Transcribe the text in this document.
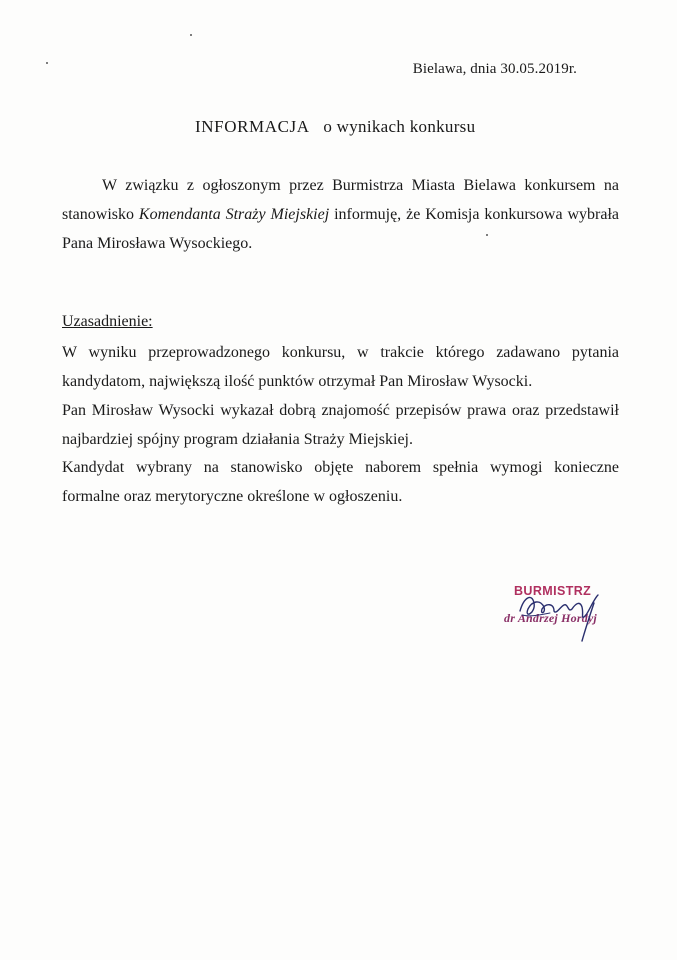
Bielawa, dnia 30.05.2019r.
INFORMACJA o wynikach konkursu
W związku z ogłoszonym przez Burmistrza Miasta Bielawa konkursem na stanowisko Komendanta Straży Miejskiej informuję, że Komisja konkursowa wybrała Pana Mirosława Wysockiego.
Uzasadnienie:
W wyniku przeprowadzonego konkursu, w trakcie którego zadawano pytania
kandydatom, największą ilość punktów otrzymał Pan Mirosław Wysocki.
Pan Mirosław Wysocki wykazał dobrą znajomość przepisów prawa oraz przedstawił
najbardziej spójny program działania Straży Miejskiej.
Kandydat wybrany na stanowisko objęte naborem spełnia wymogi konieczne
formalne oraz merytoryczne określone w ogłoszeniu.
BURMISTRZ
dr Andrzej Hordyj
